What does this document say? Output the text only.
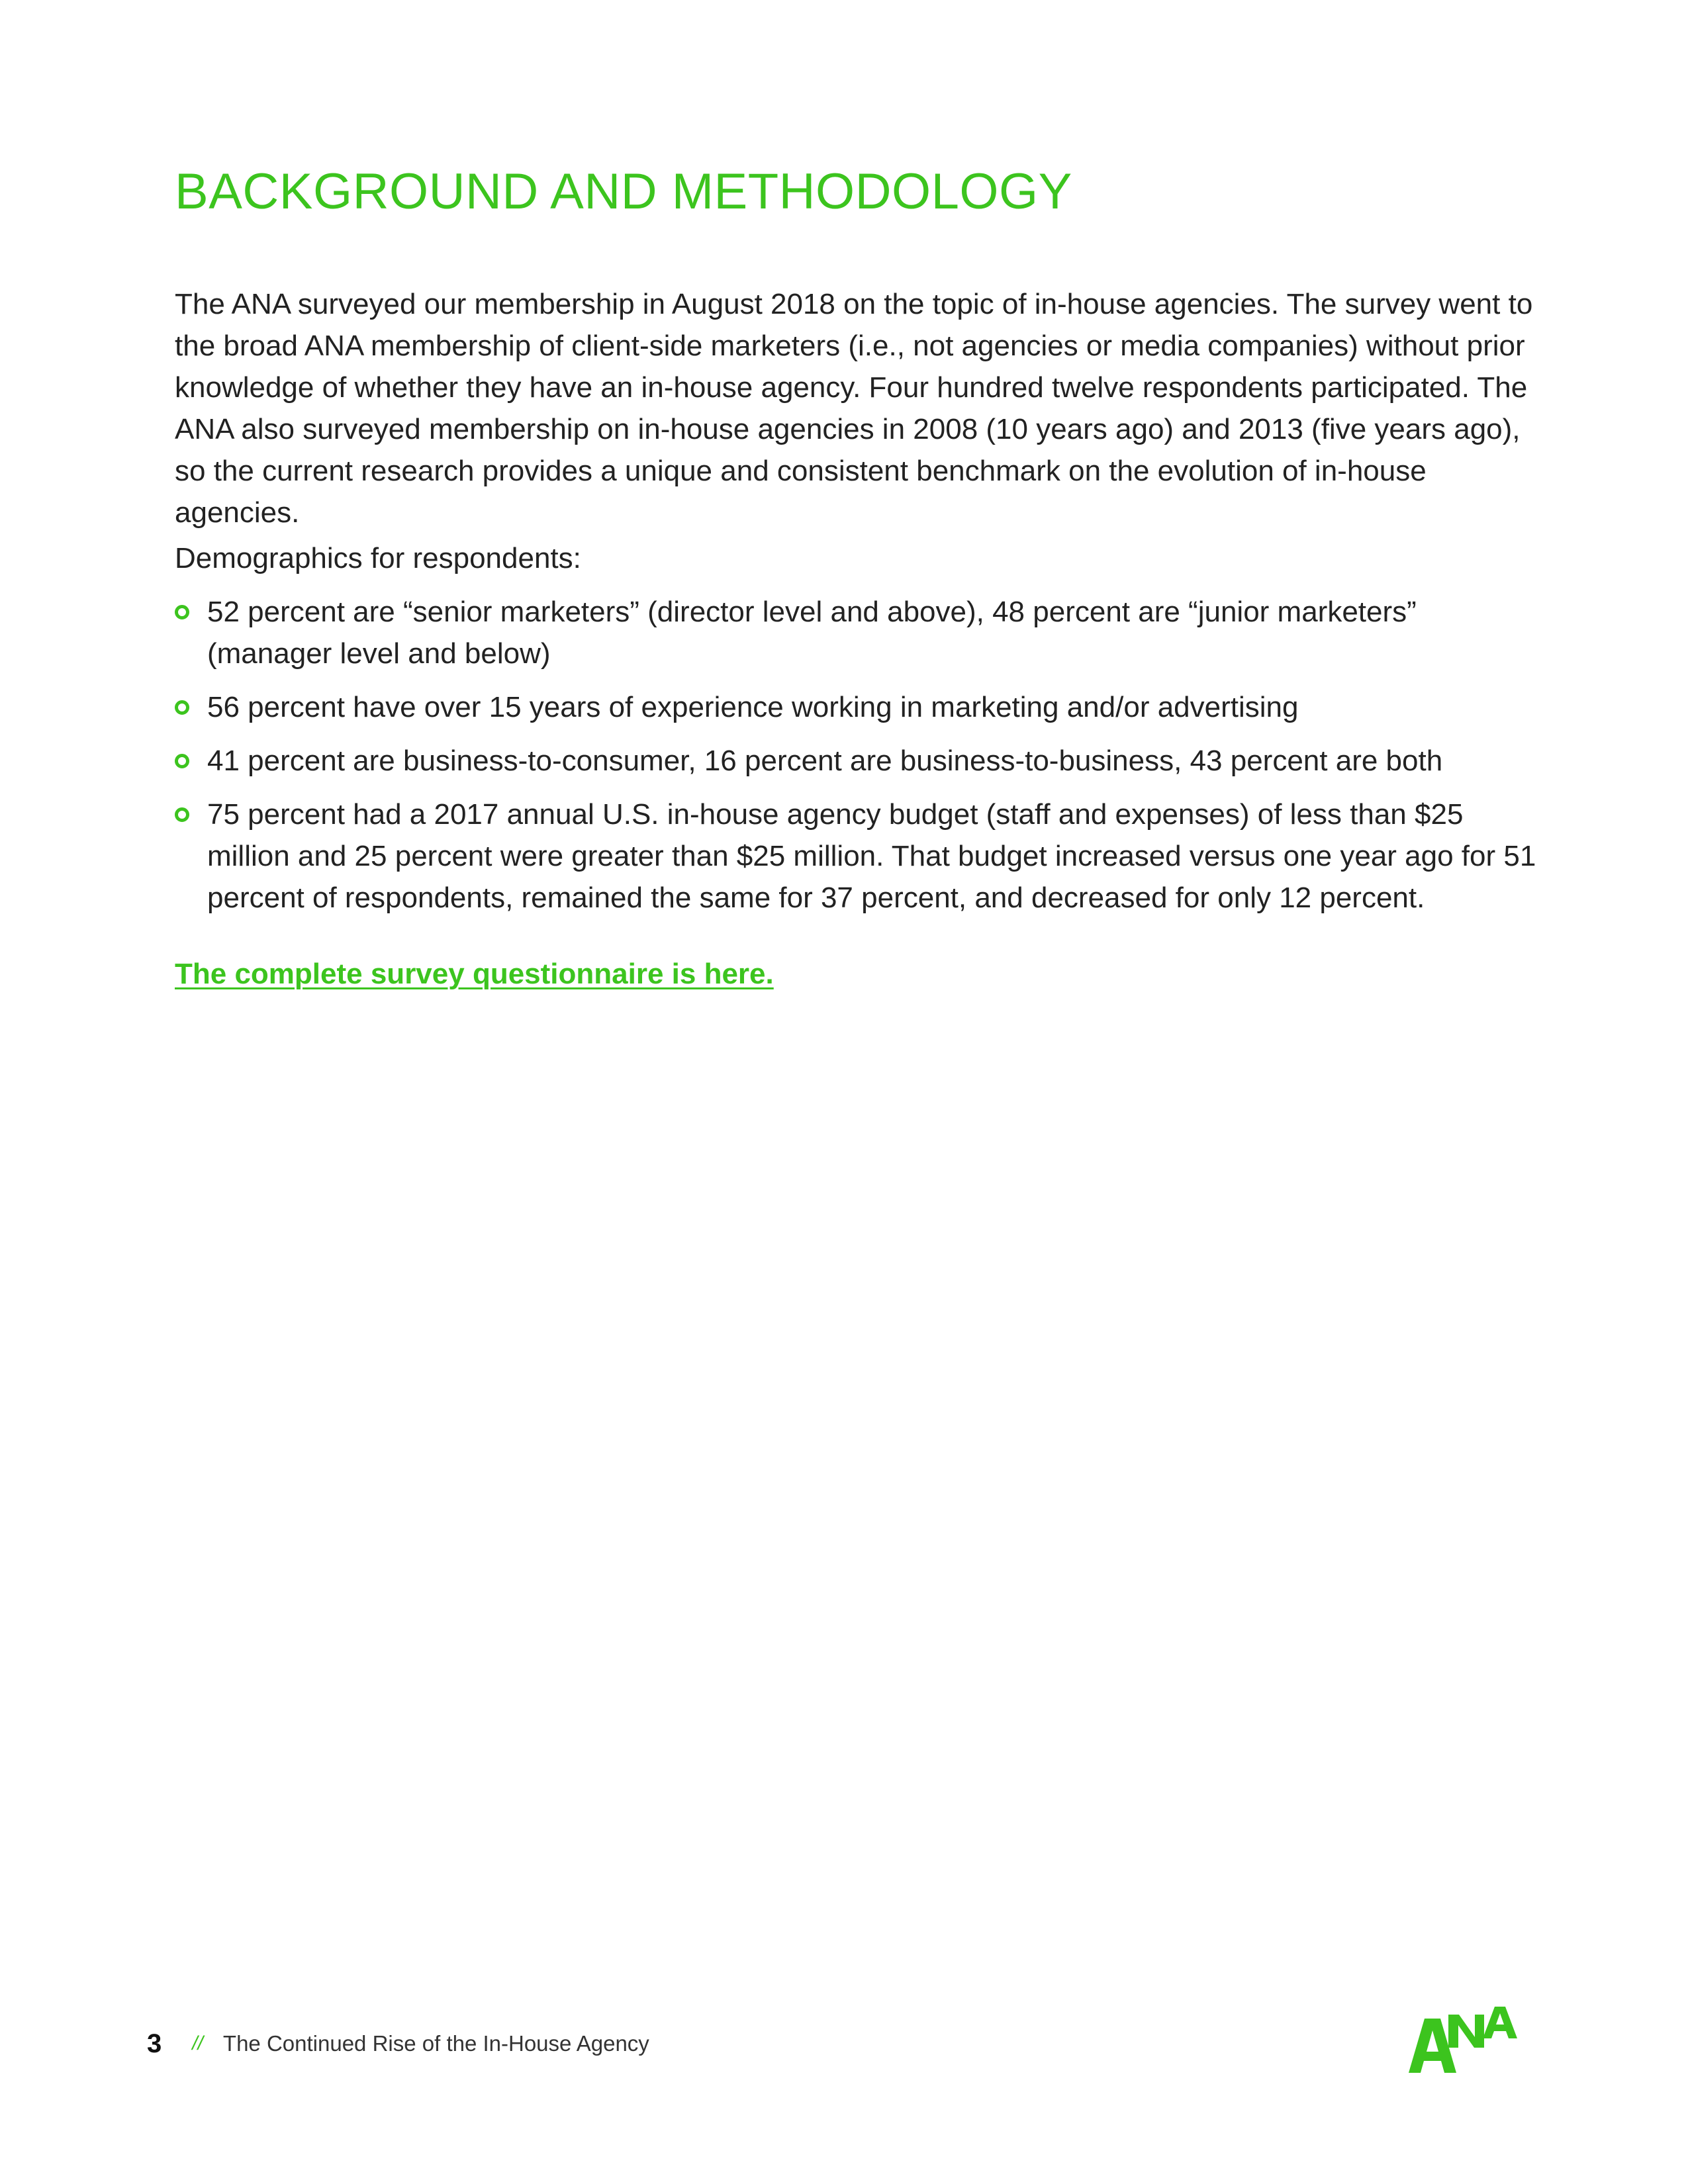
BACKGROUND AND METHODOLOGY

The ANA surveyed our membership in August 2018 on the topic of in-house agencies. The survey went to the broad ANA membership of client-side marketers (i.e., not agencies or media companies) without prior knowledge of whether they have an in-house agency. Four hundred twelve respondents participated. The ANA also surveyed membership on in-house agencies in 2008 (10 years ago) and 2013 (five years ago), so the current research provides a unique and consistent benchmark on the evolution of in-house agencies.

Demographics for respondents:

52 percent are “senior marketers” (director level and above), 48 percent are “junior marketers” (manager level and below)
56 percent have over 15 years of experience working in marketing and/or advertising
41 percent are business-to-consumer, 16 percent are business-to-business, 43 percent are both
75 percent had a 2017 annual U.S. in-house agency budget (staff and expenses) of less than $25 million and 25 percent were greater than $25 million. That budget increased versus one year ago for 51 percent of respondents, remained the same for 37 percent, and decreased for only 12 percent.
The complete survey questionnaire is here.
3 // The Continued Rise of the In-House Agency
